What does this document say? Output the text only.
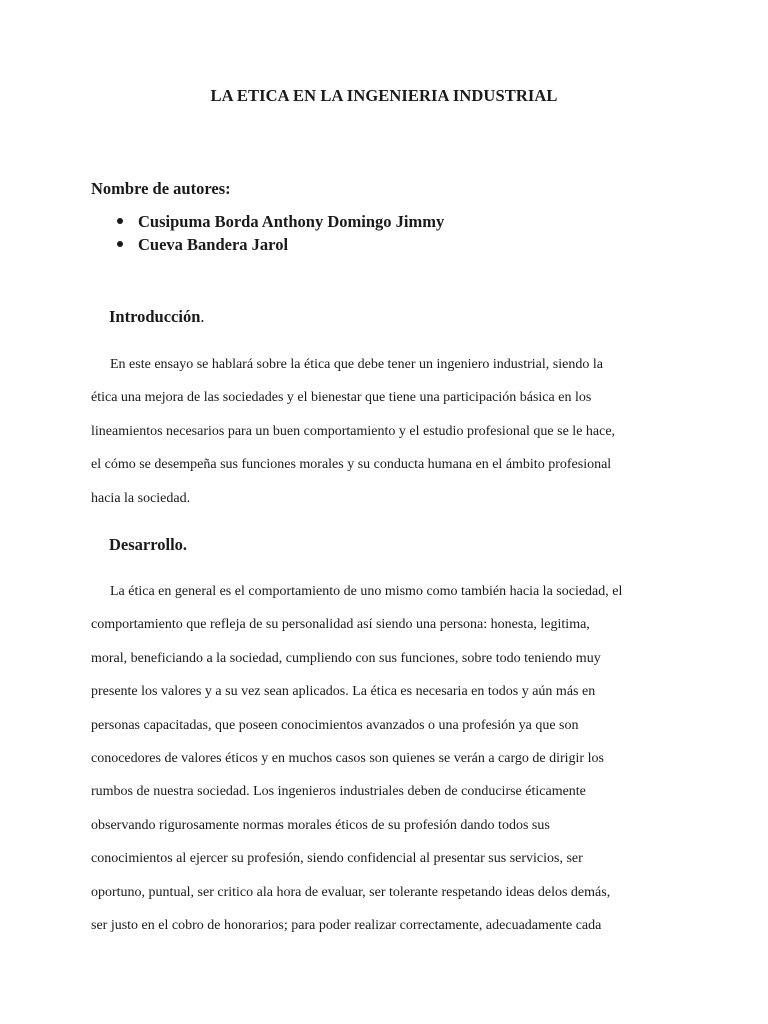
LA ETICA EN LA INGENIERIA INDUSTRIAL
Nombre de autores:
Cusipuma Borda Anthony Domingo Jimmy
Cueva Bandera Jarol
Introducción.
En este ensayo se hablará sobre la ética que debe tener un ingeniero industrial, siendo la
ética una mejora de las sociedades y el bienestar que tiene una participación básica en los
lineamientos necesarios para un buen comportamiento y el estudio profesional que se le hace,
el cómo se desempeña sus funciones morales y su conducta humana en el ámbito profesional
hacia la sociedad.
Desarrollo.
La ética en general es el comportamiento de uno mismo como también hacia la sociedad, el
comportamiento que refleja de su personalidad así siendo una persona: honesta, legitima,
moral, beneficiando a la sociedad, cumpliendo con sus funciones, sobre todo teniendo muy
presente los valores y a su vez sean aplicados. La ética es necesaria en todos y aún más en
personas capacitadas, que poseen conocimientos avanzados o una profesión ya que son
conocedores de valores éticos y en muchos casos son quienes se verán a cargo de dirigir los
rumbos de nuestra sociedad. Los ingenieros industriales deben de conducirse éticamente
observando rigurosamente normas morales éticos de su profesión dando todos sus
conocimientos al ejercer su profesión, siendo confidencial al presentar sus servicios, ser
oportuno, puntual, ser critico ala hora de evaluar, ser tolerante respetando ideas delos demás,
ser justo en el cobro de honorarios; para poder realizar correctamente, adecuadamente cada
